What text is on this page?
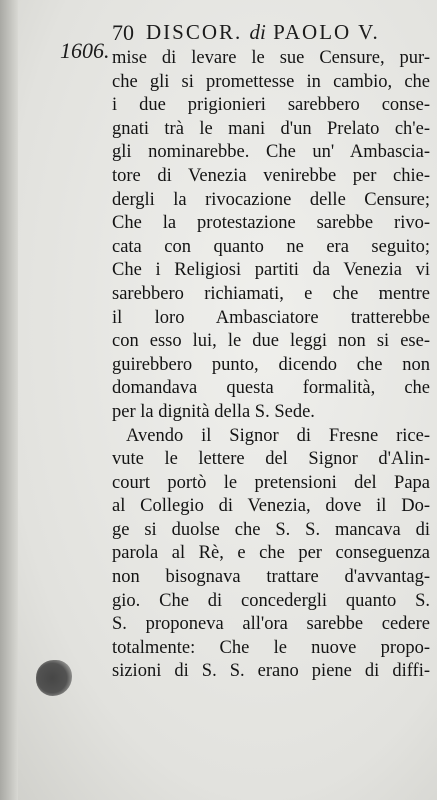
1606.
70 DISCOR. di PAOLO V.
mise di levare le sue Censure, pur-
che gli si promettesse in cambio, che
i due prigionieri sarebbero conse-
gnati trà le mani d'un Prelato ch'e-
gli nominarebbe. Che un' Ambascia-
tore di Venezia venirebbe per chie-
dergli la rivocazione delle Censure;
Che la protestazione sarebbe rivo-
cata con quanto ne era seguito;
Che i Religiosi partiti da Venezia vi
sarebbero richiamati, e che mentre
il loro Ambasciatore tratterebbe
con esso lui, le due leggi non si ese-
guirebbero punto, dicendo che non
domandava questa formalità, che
per la dignità della S. Sede.
Avendo il Signor di Fresne rice-
vute le lettere del Signor d'Alin-
court portò le pretensioni del Papa
al Collegio di Venezia, dove il Do-
ge si duolse che S. S. mancava di
parola al Rè, e che per conseguenza
non bisognava trattare d'avvantag-
gio. Che di concedergli quanto S.
S. proponeva all'ora sarebbe cedere
totalmente: Che le nuove propo-
sizioni di S. S. erano piene di diffi-
